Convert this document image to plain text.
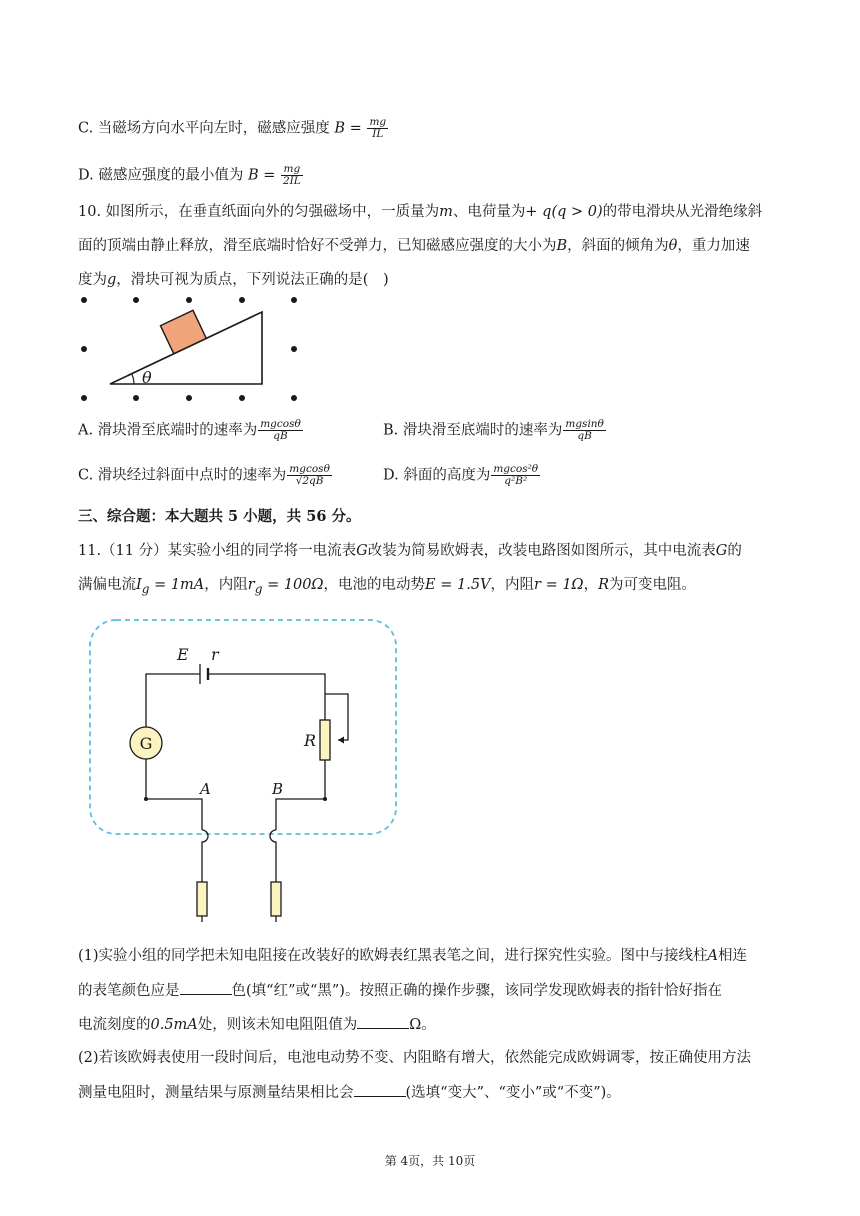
C. 当磁场方向水平向左时，磁感应强度 $B = \frac{mg}{IL}$
D. 磁感应强度的最小值为 $B = \frac{mg}{2IL}$
10. 如图所示，在垂直纸面向外的匀强磁场中，一质量为m、电荷量为+ q(q > 0)的带电滑块从光滑绝缘斜
面的顶端由静止释放，滑至底端时恰好不受弹力，已知磁感应强度的大小为B，斜面的倾角为θ，重力加速
度为g，滑块可视为质点，下列说法正确的是(　)
θ
A. 滑块滑至底端时的速率为 $\frac{mgcos\theta}{qB}$	B. 滑块滑至底端时的速率为 $\frac{mgsin\theta}{qB}$
C. 滑块经过斜面中点时的速率为 $\frac{mgcos\theta}{√2qB}$	D. 斜面的高度为 $\frac{\text{mgcos²θ}}{\text{q²B²}}$
三、综合题：本大题共 5 小题，共 56 分。
11.（11 分）某实验小组的同学将一电流表G改装为简易欧姆表，改装电路图如图所示，其中电流表G的
满偏电流$I_g = 1mA$，内阻$r_g = 100\Omega$，电池的电动势E = 1.5V，内阻r = 1Ω，R为可变电阻。
G
E r
R
A	B
(1)实验小组的同学把未知电阻接在改装好的欧姆表红黑表笔之间，进行探究性实验。图中与接线柱A相连
的表笔颜色应是	色(填“红”或“黑”)。按照正确的操作步骤，该同学发现欧姆表的指针恰好指在
电流刻度的0.5mA处，则该未知电阻阻值为	Ω。
(2)若该欧姆表使用一段时间后，电池电动势不变、内阻略有增大，依然能完成欧姆调零，按正确使用方法
测量电阻时，测量结果与原测量结果相比会	(选填“变大”、“变小”或“不变”)。
第 4页，共 10页
